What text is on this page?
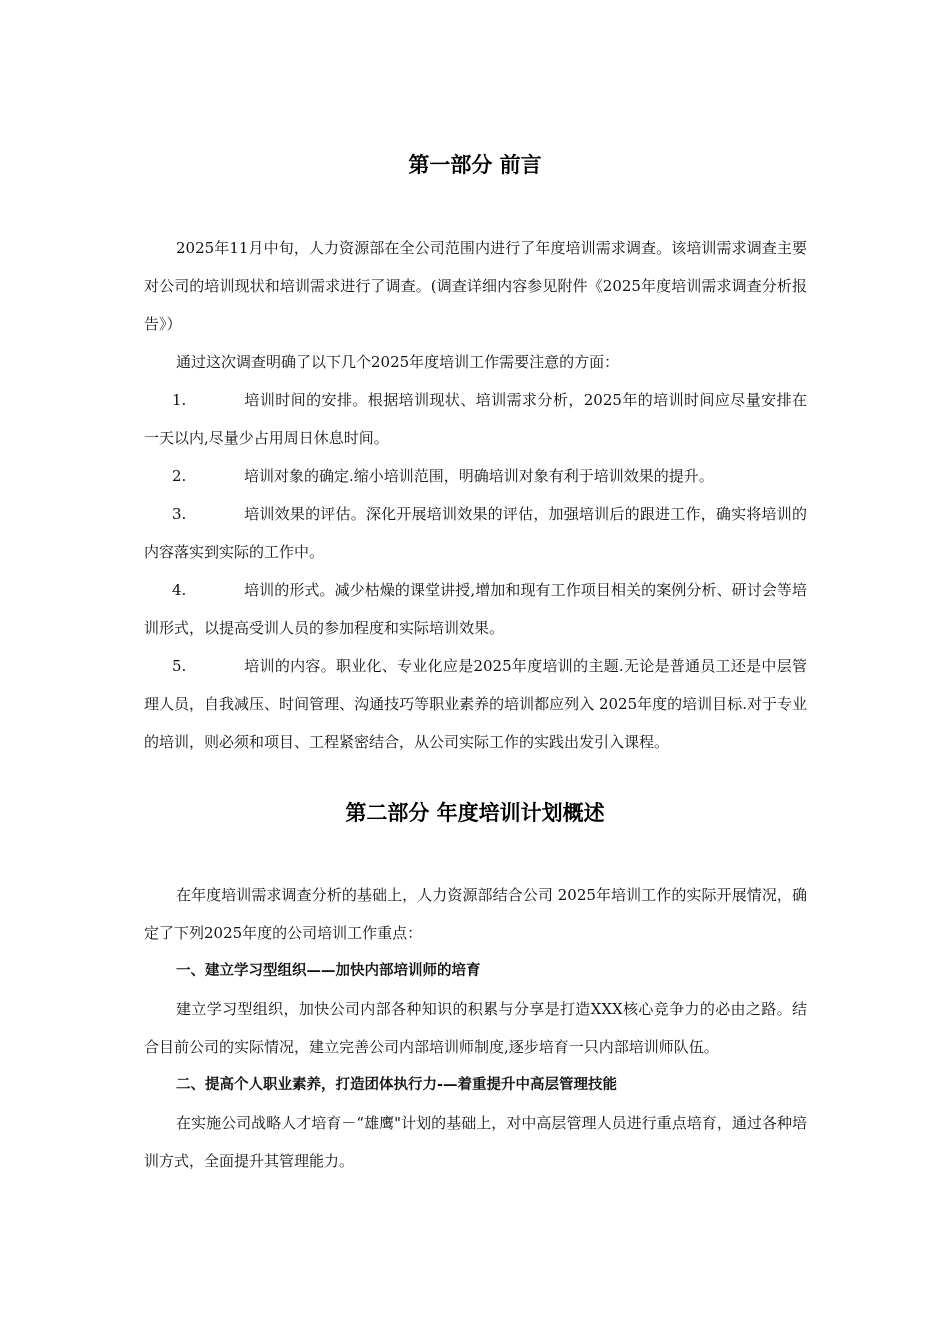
第一部分 前言

2025年11月中旬，人力资源部在全公司范围内进行了年度培训需求调查。该培训需求调查主要对公司的培训现状和培训需求进行了调查。(调查详细内容参见附件《2025年度培训需求调查分析报告》）

通过这次调查明确了以下几个2025年度培训工作需要注意的方面：

1.	培训时间的安排。根据培训现状、培训需求分析，2025年的培训时间应尽量安排在一天以内,尽量少占用周日休息时间。

2.	培训对象的确定.缩小培训范围，明确培训对象有利于培训效果的提升。

3.	培训效果的评估。深化开展培训效果的评估，加强培训后的跟进工作，确实将培训的内容落实到实际的工作中。

4.	培训的形式。减少枯燥的课堂讲授,增加和现有工作项目相关的案例分析、研讨会等培训形式，以提高受训人员的参加程度和实际培训效果。

5.	培训的内容。职业化、专业化应是2025年度培训的主题.无论是普通员工还是中层管理人员，自我减压、时间管理、沟通技巧等职业素养的培训都应列入 2025年度的培训目标.对于专业的培训，则必须和项目、工程紧密结合，从公司实际工作的实践出发引入课程。

第二部分 年度培训计划概述

在年度培训需求调查分析的基础上，人力资源部结合公司 2025年培训工作的实际开展情况，确定了下列2025年度的公司培训工作重点：

一、建立学习型组织——加快内部培训师的培育

建立学习型组织，加快公司内部各种知识的积累与分享是打造XXX核心竞争力的必由之路。结合目前公司的实际情况，建立完善公司内部培训师制度,逐步培育一只内部培训师队伍。

二、提高个人职业素养，打造团体执行力-—着重提升中高层管理技能

在实施公司战略人才培育－“雄鹰"计划的基础上，对中高层管理人员进行重点培育，通过各种培训方式，全面提升其管理能力。
